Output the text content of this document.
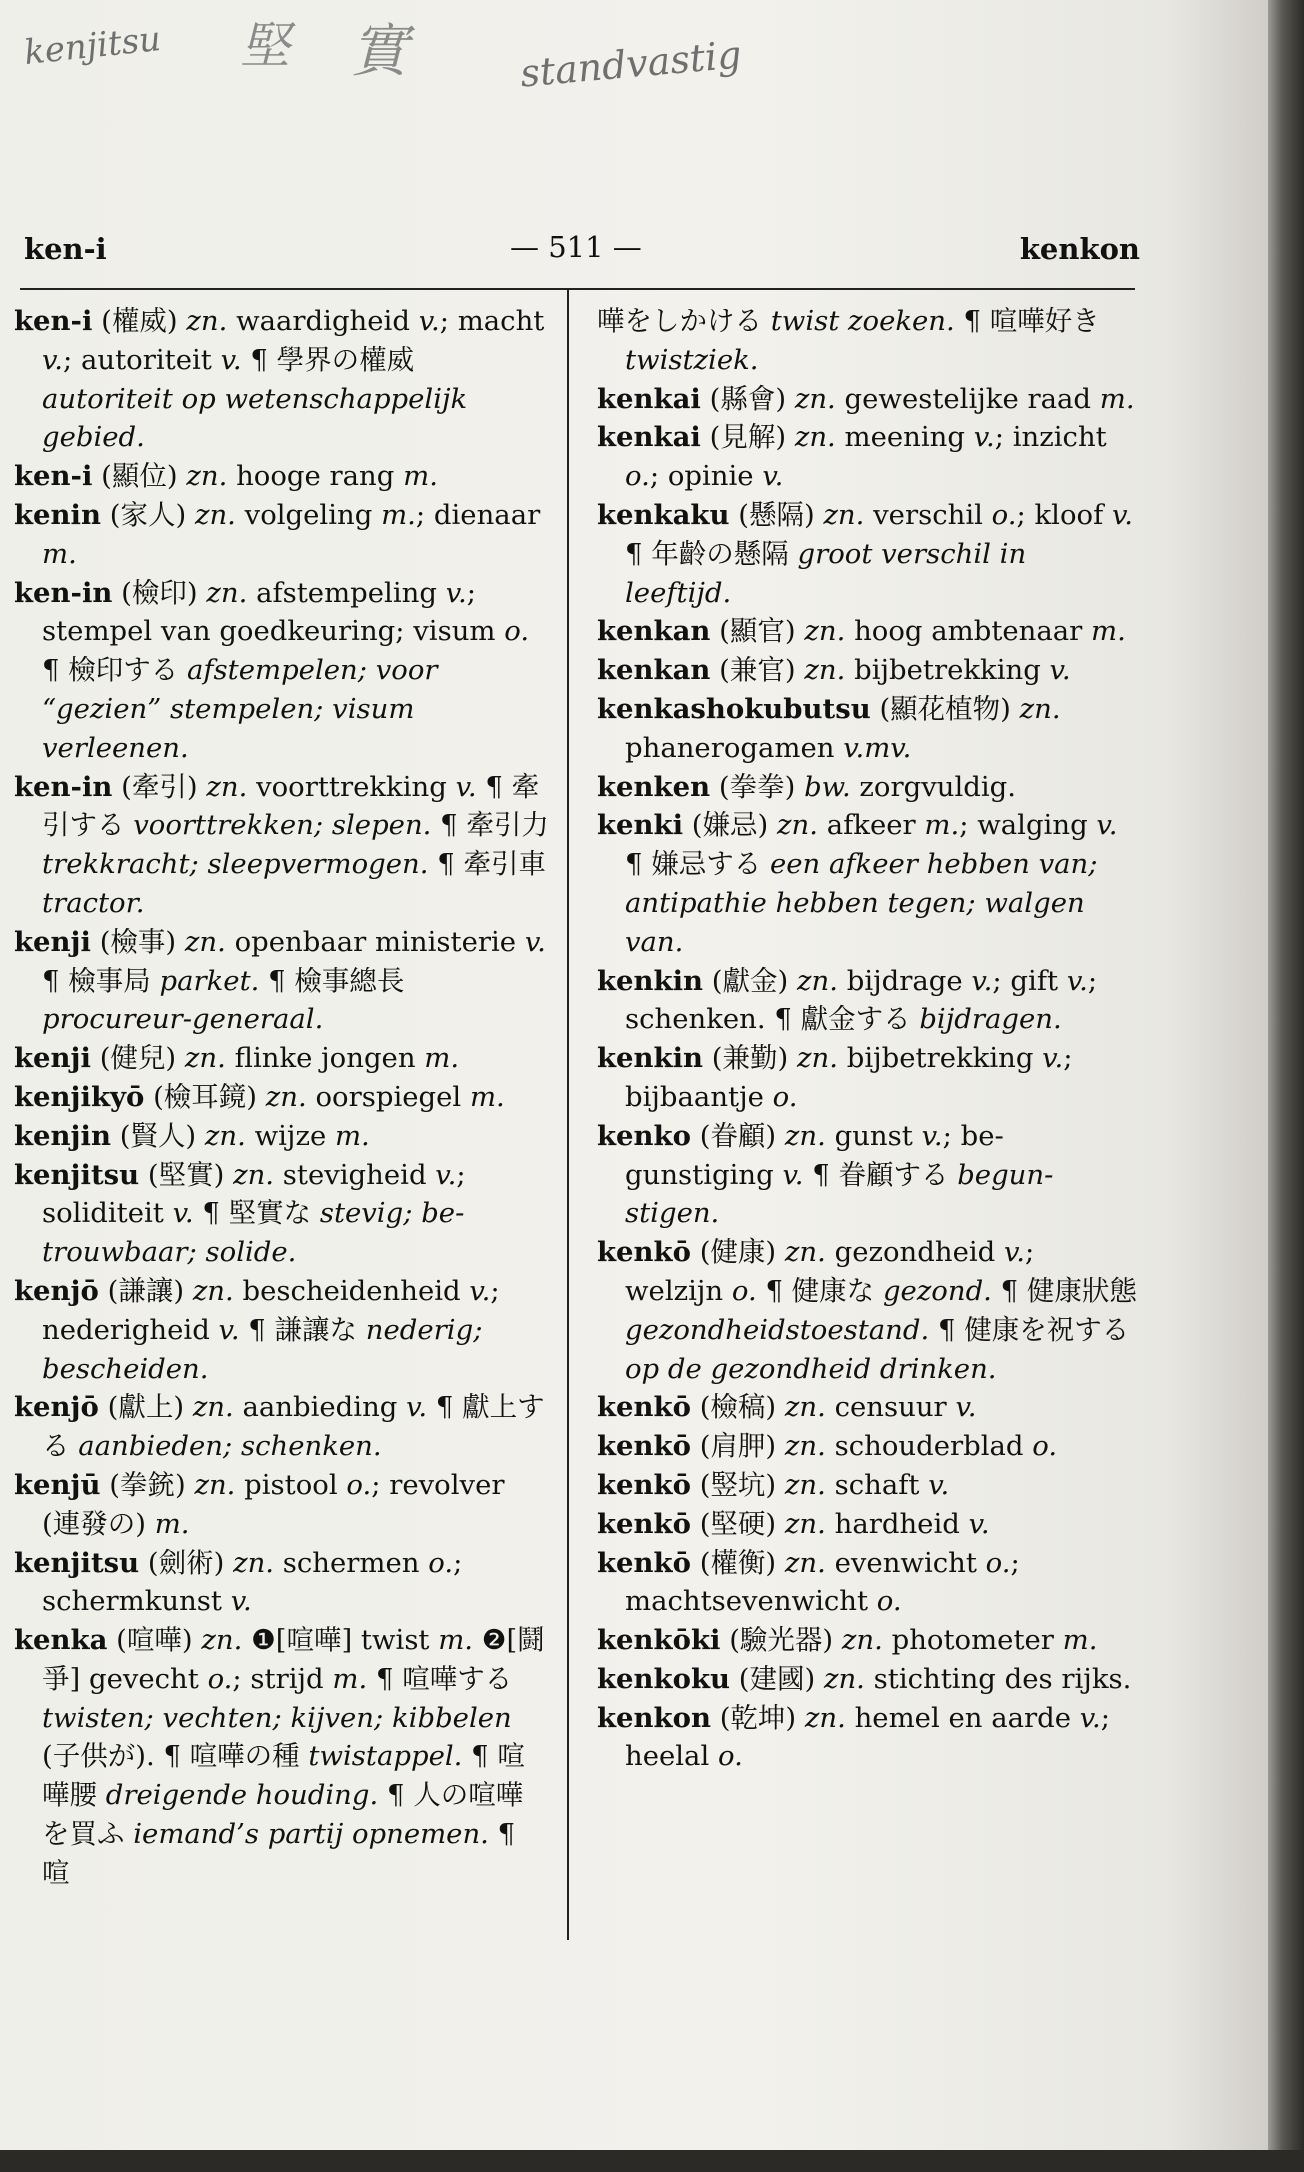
kenjitsu 堅 實	standvastig
ken-i	— 511 —	kenkon
ken-i (權威) zn. waardigheid v.; macht v.; autoriteit v. ¶ 學界の權威 autoriteit op wetenschappelijk gebied.
ken-i (顯位) zn. hooge rang m.
kenin (家人) zn. volgeling m.; dienaar m.
ken-in (檢印) zn. afstempeling v.; stempel van goedkeuring; visum o. ¶ 檢印する afstempelen; voor “gezien” stempelen; visum verleenen.
ken-in (牽引) zn. voorttrekking v. ¶ 牽引する voorttrekken; slepen. ¶ 牽引力 trekkracht; sleepvermogen. ¶ 牽引車 tractor.
kenji (檢事) zn. openbaar ministerie v. ¶ 檢事局 parket. ¶ 檢事總長 procureur-generaal.
kenji (健兒) zn. flinke jongen m.
kenjikyō (檢耳鏡) zn. oorspiegel m.
kenjin (賢人) zn. wijze m.
kenjitsu (堅實) zn. stevigheid v.; soliditeit v. ¶ 堅實な stevig; betrouwbaar; solide.
kenjō (謙讓) zn. bescheidenheid v.; nederigheid v. ¶ 謙讓な nederig; bescheiden.
kenjō (獻上) zn. aanbieding v. ¶ 獻上する aanbieden; schenken.
kenjū (拳銃) zn. pistool o.; revolver (連發の) m.
kenjitsu (劍術) zn. schermen o.; schermkunst v.
kenka (喧嘩) zn. ❶[喧嘩] twist m. ❷[鬪爭] gevecht o.; strijd m. ¶ 喧嘩する twisten; vechten; kijven; kibbelen (子供が). ¶ 喧嘩の種 twistappel. ¶ 喧嘩腰 dreigende houding. ¶ 人の喧嘩を買ふ iemand’s partij opnemen. ¶ 喧
嘩をしかける twist zoeken. ¶ 喧嘩好き twistziek.
kenkai (縣會) zn. gewestelijke raad m.
kenkai (見解) zn. meening v.; inzicht o.; opinie v.
kenkaku (懸隔) zn. verschil o.; kloof v. ¶ 年齡の懸隔 groot verschil in leeftijd.
kenkan (顯官) zn. hoog ambtenaar m.
kenkan (兼官) zn. bijbetrekking v.
kenkashokubutsu (顯花植物) zn. phanerogamen v.mv.
kenken (拳拳) bw. zorgvuldig.
kenki (嫌忌) zn. afkeer m.; walging v. ¶ 嫌忌する een afkeer hebben van; antipathie hebben tegen; walgen van.
kenkin (獻金) zn. bijdrage v.; gift v.; schenken. ¶ 獻金する bijdragen.
kenkin (兼勤) zn. bijbetrekking v.; bijbaantje o.
kenko (眷顧) zn. gunst v.; begunstiging v. ¶ 眷顧する begunstigen.
kenkō (健康) zn. gezondheid v.; welzijn o. ¶ 健康な gezond. ¶ 健康狀態 gezondheidstoestand. ¶ 健康を祝する op de gezondheid drinken.
kenkō (檢稿) zn. censuur v.
kenkō (肩胛) zn. schouderblad o.
kenkō (竪坑) zn. schaft v.
kenkō (堅硬) zn. hardheid v.
kenkō (權衡) zn. evenwicht o.; machtsevenwicht o.
kenkōki (驗光器) zn. photometer m.
kenkoku (建國) zn. stichting des rijks.
kenkon (乾坤) zn. hemel en aarde v.; heelal o.
